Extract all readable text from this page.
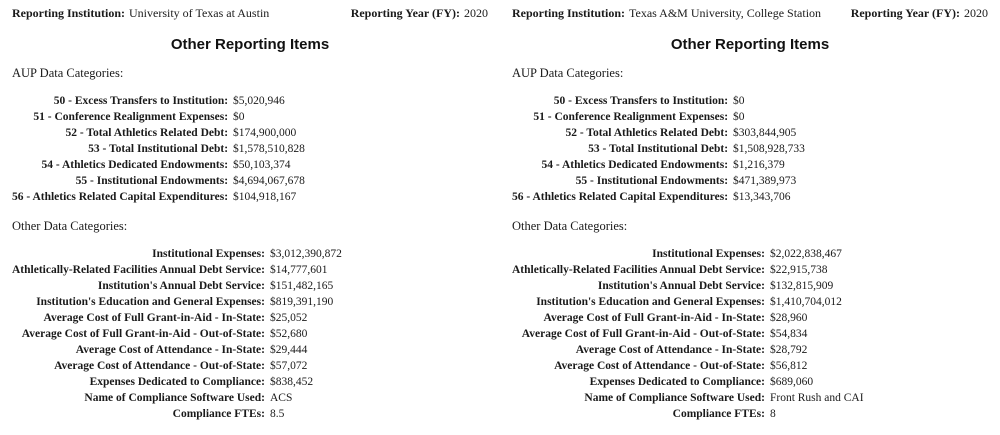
Reporting Institution: University of Texas at Austin	Reporting Year (FY): 2020
Other Reporting Items
AUP Data Categories:
50 - Excess Transfers to Institution:	$5,020,946
51 - Conference Realignment Expenses:	$0
52 - Total Athletics Related Debt:	$174,900,000
53 - Total Institutional Debt:	$1,578,510,828
54 - Athletics Dedicated Endowments:	$50,103,374
55 - Institutional Endowments:	$4,694,067,678
56 - Athletics Related Capital Expenditures:	$104,918,167
Other Data Categories:
Institutional Expenses:	$3,012,390,872
Athletically-Related Facilities Annual Debt Service:	$14,777,601
Institution's Annual Debt Service:	$151,482,165
Institution's Education and General Expenses:	$819,391,190
Average Cost of Full Grant-in-Aid - In-State:	$25,052
Average Cost of Full Grant-in-Aid - Out-of-State:	$52,680
Average Cost of Attendance - In-State:	$29,444
Average Cost of Attendance - Out-of-State:	$57,072
Expenses Dedicated to Compliance:	$838,452
Name of Compliance Software Used:	ACS
Compliance FTEs:	8.5
Reporting Institution: Texas A&M University, College Station Reporting Year (FY): 2020
Other Reporting Items
AUP Data Categories:
50 - Excess Transfers to Institution:	$0
51 - Conference Realignment Expenses:	$0
52 - Total Athletics Related Debt:	$303,844,905
53 - Total Institutional Debt:	$1,508,928,733
54 - Athletics Dedicated Endowments:	$1,216,379
55 - Institutional Endowments:	$471,389,973
56 - Athletics Related Capital Expenditures:	$13,343,706
Other Data Categories:
Institutional Expenses:	$2,022,838,467
Athletically-Related Facilities Annual Debt Service:	$22,915,738
Institution's Annual Debt Service:	$132,815,909
Institution's Education and General Expenses:	$1,410,704,012
Average Cost of Full Grant-in-Aid - In-State:	$28,960
Average Cost of Full Grant-in-Aid - Out-of-State:	$54,834
Average Cost of Attendance - In-State:	$28,792
Average Cost of Attendance - Out-of-State:	$56,812
Expenses Dedicated to Compliance:	$689,060
Name of Compliance Software Used:	Front Rush and CAI
Compliance FTEs:	8
